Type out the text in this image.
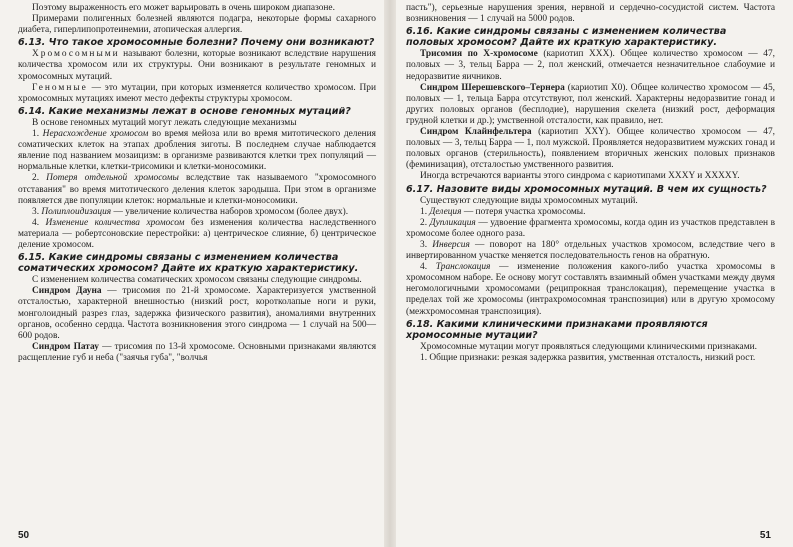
Поэтому выраженность его может варьировать в очень широком диапазоне.

Примерами полигенных болезней являются подагра, некоторые формы сахарного диабета, гиперлипопротеинемии, атопическая аллергия.

6.13. Что такое хромосомные болезни? Почему они возникают?

Хромосомными называют болезни, которые возникают вследствие нарушения количества хромосом или их структуры. Они возникают в результате геномных и хромосомных мутаций.

Геномные — это мутации, при которых изменяется количество хромосом. При хромосомных мутациях имеют место дефекты структуры хромосом.

6.14. Какие механизмы лежат в основе геномных мутаций?

В основе геномных мутаций могут лежать следующие механизмы

1. Нерасхождение хромосом во время мейоза или во время митотического деления соматических клеток на этапах дробления зиготы. В последнем случае наблюдается явление под названием мозаицизм: в организме развиваются клетки трех популяций — нормальные клетки, клетки-трисомики и клетки-моносомики.

2. Потеря отдельной хромосомы вследствие так называемого "хромосомного отставания" во время митотического деления клеток зародыша. При этом в организме появляется две популяции клеток: нормальные и клетки-моносомики.

3. Полиплоидизация — увеличение количества наборов хромосом (более двух).

4. Изменение количества хромосом без изменения количества наследственного материала — робертсоновские перестройки: а) центрическое слияние, б) центрическое деление хромосом.

6.15. Какие синдромы связаны с изменением количества соматических хромосом? Дайте их краткую характеристику.

С изменением количества соматических хромосом связаны следующие синдромы.

Синдром Дауна — трисомия по 21-й хромосоме. Характеризуется умственной отсталостью, характерной внешностью (низкий рост, коротколапые ноги и руки, монголоидный разрез глаз, задержка физического развития), аномалиями внутренних органов, особенно сердца. Частота возникновения этого синдрома — 1 случай на 500—600 родов.

Синдром Патау — трисомия по 13-й хромосоме. Основными признаками являются расщепление губ и неба ("заячья губа", "волчья

50

пасть"), серьезные нарушения зрения, нервной и сердечно-сосудистой систем. Частота возникновения — 1 случай на 5000 родов.

6.16. Какие синдромы связаны с изменением количества половых хромосом? Дайте их краткую характеристику.

Трисомия по Х-хромосоме (кариотип XXX). Общее количество хромосом — 47, половых — 3, тельц Барра — 2, пол женский, отмечается незначительное слабоумие и недоразвитие яичников.

Синдром Шерешевского–Тернера (кариотип Х0). Общее количество хромосом — 45, половых — 1, тельца Барра отсутствуют, пол женский. Характерны недоразвитие гонад и других половых органов (бесплодие), нарушения скелета (низкий рост, деформация грудной клетки и др.); умственной отсталости, как правило, нет.

Синдром Клайнфельтера (кариотип XXY). Общее количество хромосом — 47, половых — 3, тельц Барра — 1, пол мужской. Проявляется недоразвитием мужских гонад и половых органов (стерильность), появлением вторичных женских половых признаков (феминизация), отсталостью умственного развития.

Иногда встречаются варианты этого синдрома с кариотипами XXXY и XXXXY.

6.17. Назовите виды хромосомных мутаций. В чем их сущность?

Существуют следующие виды хромосомных мутаций.

1. Делеция — потеря участка хромосомы.

2. Дупликация — удвоение фрагмента хромосомы, когда один из участков представлен в хромосоме более одного раза.

3. Инверсия — поворот на 180° отдельных участков хромосом, вследствие чего в инвертированном участке меняется последовательность генов на обратную.

4. Транслокация — изменение положения какого-либо участка хромосомы в хромосомном наборе. Ее основу могут составлять взаимный обмен участками между двумя негомологичными хромосомами (реципрокная транслокация), перемещение участка в пределах той же хромосомы (интрахромосомная транспозиция) или в другую хромосому (межхромосомная транспозиция).

6.18. Какими клиническими признаками проявляются хромосомные мутации?

Хромосомные мутации могут проявляться следующими клиническими признаками.

1. Общие признаки: резкая задержка развития, умственная отсталость, низкий рост.

51
